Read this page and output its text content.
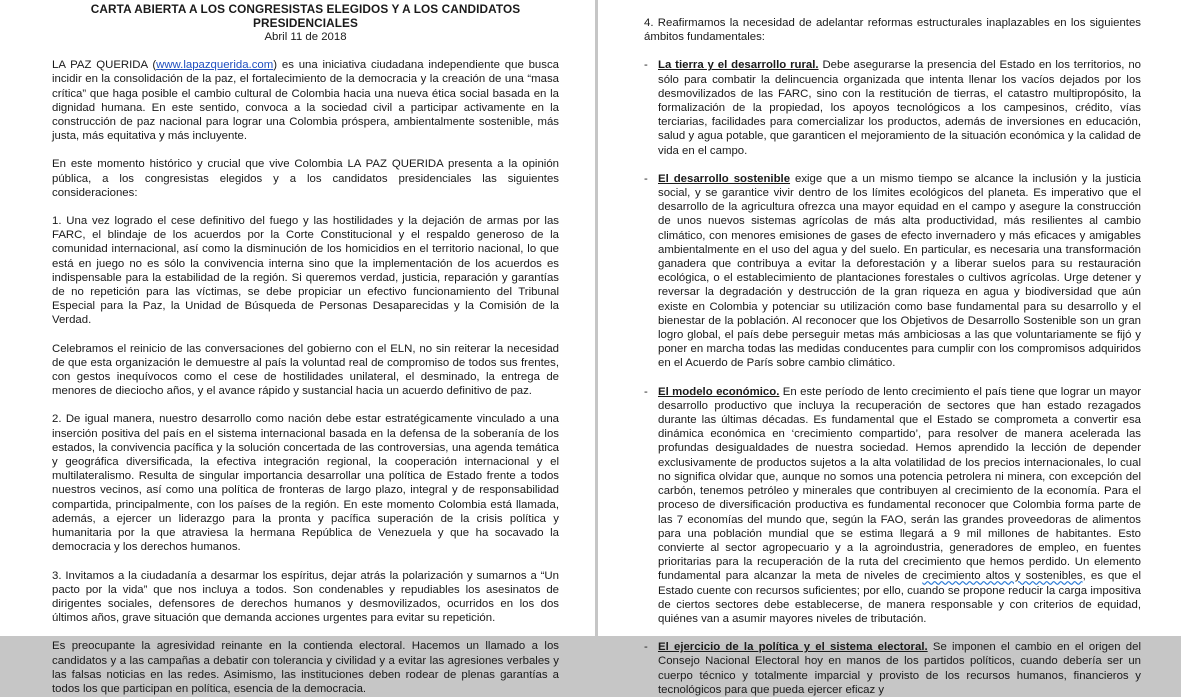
CARTA ABIERTA A LOS CONGRESISTAS ELEGIDOS Y A LOS CANDIDATOS PRESIDENCIALES
Abril 11 de 2018

LA PAZ QUERIDA (www.lapazquerida.com) es una iniciativa ciudadana independiente que busca incidir en la consolidación de la paz, el fortalecimiento de la democracia y la creación de una “masa crítica” que haga posible el cambio cultural de Colombia hacia una nueva ética social basada en la dignidad humana. En este sentido, convoca a la sociedad civil a participar activamente en la construcción de paz nacional para lograr una Colombia próspera, ambientalmente sostenible, más justa, más equitativa y más incluyente.

En este momento histórico y crucial que vive Colombia LA PAZ QUERIDA presenta a la opinión pública, a los congresistas elegidos y a los candidatos presidenciales las siguientes consideraciones:

1. Una vez logrado el cese definitivo del fuego y las hostilidades y la dejación de armas por las FARC, el blindaje de los acuerdos por la Corte Constitucional y el respaldo generoso de la comunidad internacional, así como la disminución de los homicidios en el territorio nacional, lo que está en juego no es sólo la convivencia interna sino que la implementación de los acuerdos es indispensable para la estabilidad de la región. Si queremos verdad, justicia, reparación y garantías de no repetición para las víctimas, se debe propiciar un efectivo funcionamiento del Tribunal Especial para la Paz, la Unidad de Búsqueda de Personas Desaparecidas y la Comisión de la Verdad.

Celebramos el reinicio de las conversaciones del gobierno con el ELN, no sin reiterar la necesidad de que esta organización le demuestre al país la voluntad real de compromiso de todos sus frentes, con gestos inequívocos como el cese de hostilidades unilateral, el desminado, la entrega de menores de dieciocho años, y el avance rápido y sustancial hacia un acuerdo definitivo de paz.

2. De igual manera, nuestro desarrollo como nación debe estar estratégicamente vinculado a una inserción positiva del país en el sistema internacional basada en la defensa de la soberanía de los estados, la convivencia pacífica y la solución concertada de las controversias, una agenda temática y geográfica diversificada, la efectiva integración regional, la cooperación internacional y el multilateralismo. Resulta de singular importancia desarrollar una política de Estado frente a todos nuestros vecinos, así como una política de fronteras de largo plazo, integral y de responsabilidad compartida, principalmente, con los países de la región. En este momento Colombia está llamada, además, a ejercer un liderazgo para la pronta y pacífica superación de la crisis política y humanitaria por la que atraviesa la hermana República de Venezuela y que ha socavado la democracia y los derechos humanos.

3. Invitamos a la ciudadanía a desarmar los espíritus, dejar atrás la polarización y sumarnos a “Un pacto por la vida” que nos incluya a todos. Son condenables y repudiables los asesinatos de dirigentes sociales, defensores de derechos humanos y desmovilizados, ocurridos en los dos últimos años, grave situación que demanda acciones urgentes para evitar su repetición.

Es preocupante la agresividad reinante en la contienda electoral. Hacemos un llamado a los candidatos y a las campañas a debatir con tolerancia y civilidad y a evitar las agresiones verbales y las falsas noticias en las redes. Asimismo, las instituciones deben rodear de plenas garantías a todos los que participan en política, esencia de la democracia.

4. Reafirmamos la necesidad de adelantar reformas estructurales inaplazables en los siguientes ámbitos fundamentales:

- La tierra y el desarrollo rural. Debe asegurarse la presencia del Estado en los territorios, no sólo para combatir la delincuencia organizada que intenta llenar los vacíos dejados por los desmovilizados de las FARC, sino con la restitución de tierras, el catastro multipropósito, la formalización de la propiedad, los apoyos tecnológicos a los campesinos, crédito, vías terciarias, facilidades para comercializar los productos, además de inversiones en educación, salud y agua potable, que garanticen el mejoramiento de la situación económica y la calidad de vida en el campo.
- El desarrollo sostenible exige que a un mismo tiempo se alcance la inclusión y la justicia social, y se garantice vivir dentro de los límites ecológicos del planeta. Es imperativo que el desarrollo de la agricultura ofrezca una mayor equidad en el campo y asegure la construcción de unos nuevos sistemas agrícolas de más alta productividad, más resilientes al cambio climático, con menores emisiones de gases de efecto invernadero y más eficaces y amigables ambientalmente en el uso del agua y del suelo. En particular, es necesaria una transformación ganadera que contribuya a evitar la deforestación y a liberar suelos para su restauración ecológica, o el establecimiento de plantaciones forestales o cultivos agrícolas. Urge detener y reversar la degradación y destrucción de la gran riqueza en agua y biodiversidad que aún existe en Colombia y potenciar su utilización como base fundamental para su desarrollo y el bienestar de la población. Al reconocer que los Objetivos de Desarrollo Sostenible son un gran logro global, el país debe perseguir metas más ambiciosas a las que voluntariamente se fijó y poner en marcha todas las medidas conducentes para cumplir con los compromisos adquiridos en el Acuerdo de París sobre cambio climático.
- El modelo económico. En este período de lento crecimiento el país tiene que lograr un mayor desarrollo productivo que incluya la recuperación de sectores que han estado rezagados durante las últimas décadas. Es fundamental que el Estado se comprometa a convertir esa dinámica económica en ‘crecimiento compartido’, para resolver de manera acelerada las profundas desigualdades de nuestra sociedad. Hemos aprendido la lección de depender exclusivamente de productos sujetos a la alta volatilidad de los precios internacionales, lo cual no significa olvidar que, aunque no somos una potencia petrolera ni minera, con excepción del carbón, tenemos petróleo y minerales que contribuyen al crecimiento de la economía. Para el proceso de diversificación productiva es fundamental reconocer que Colombia forma parte de las 7 economías del mundo que, según la FAO, serán las grandes proveedoras de alimentos para una población mundial que se estima llegará a 9 mil millones de habitantes. Esto convierte al sector agropecuario y a la agroindustria, generadores de empleo, en fuentes prioritarias para la recuperación de la ruta del crecimiento que hemos perdido. Un elemento fundamental para alcanzar la meta de niveles de crecimiento altos y sostenibles, es que el Estado cuente con recursos suficientes; por ello, cuando se propone reducir la carga impositiva de ciertos sectores debe establecerse, de manera responsable y con criterios de equidad, quiénes van a asumir mayores niveles de tributación.
- El ejercicio de la política y el sistema electoral. Se imponen el cambio en el origen del Consejo Nacional Electoral hoy en manos de los partidos políticos, cuando debería ser un cuerpo técnico y totalmente imparcial y provisto de los recursos humanos, financieros y tecnológicos para que pueda ejercer eficaz y
